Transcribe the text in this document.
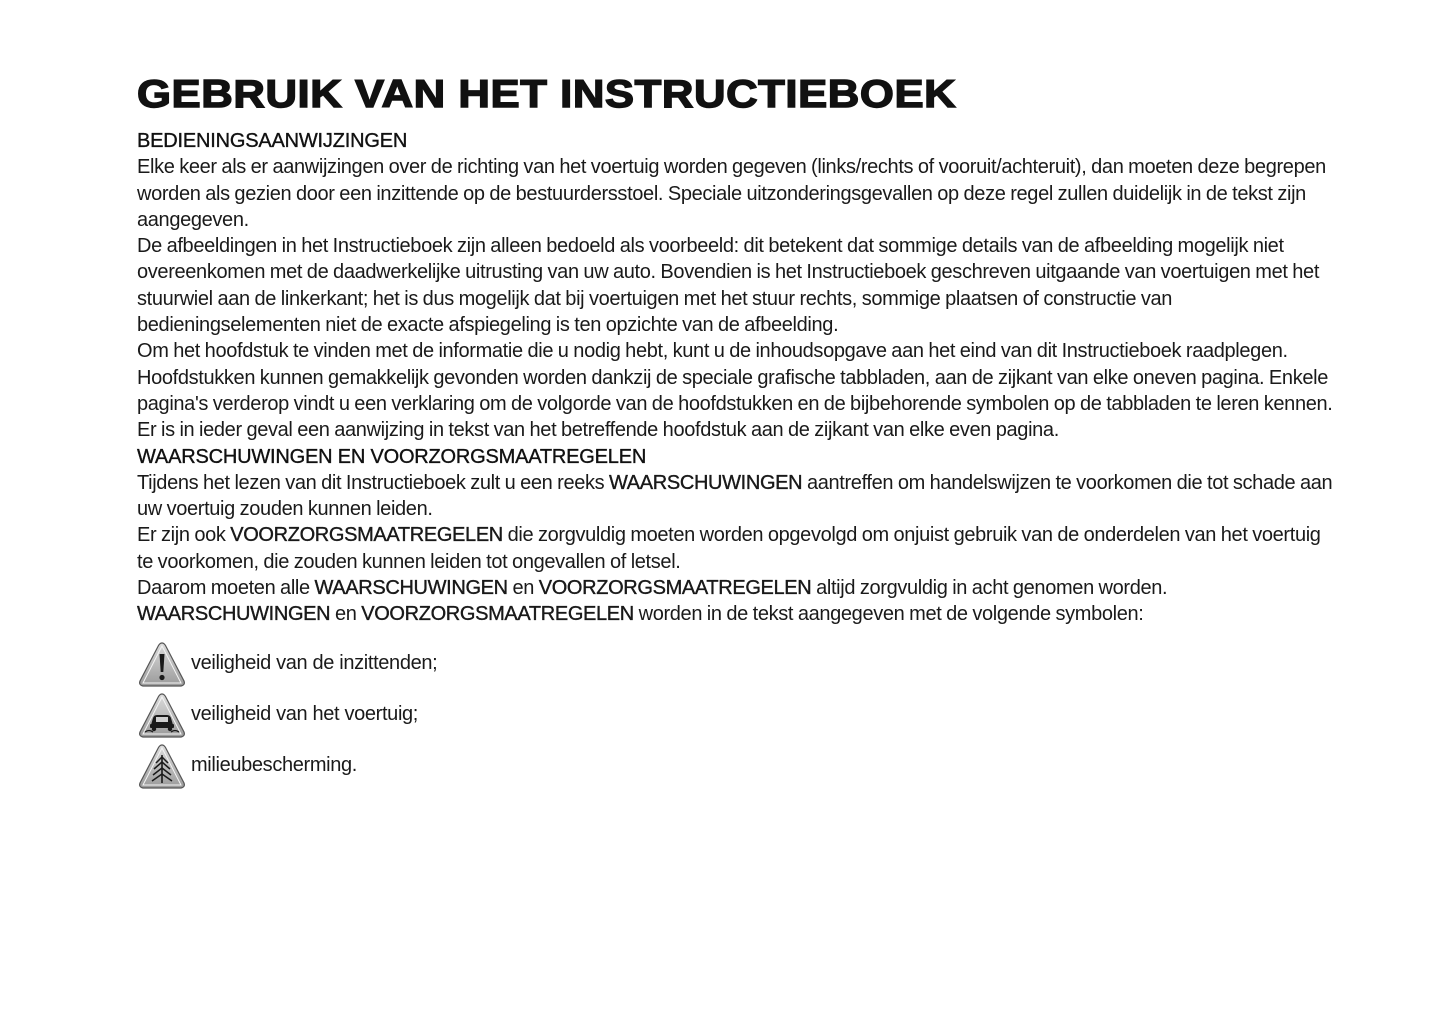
GEBRUIK VAN HET INSTRUCTIEBOEK
BEDIENINGSAANWIJZINGEN

Elke keer als er aanwijzingen over de richting van het voertuig worden gegeven (links/rechts of vooruit/achteruit), dan moeten deze begrepen worden als gezien door een inzittende op de bestuurdersstoel. Speciale uitzonderingsgevallen op deze regel zullen duidelijk in de tekst zijn aangegeven.

De afbeeldingen in het Instructieboek zijn alleen bedoeld als voorbeeld: dit betekent dat sommige details van de afbeelding mogelijk niet overeenkomen met de daadwerkelijke uitrusting van uw auto. Bovendien is het Instructieboek geschreven uitgaande van voertuigen met het stuurwiel aan de linkerkant; het is dus mogelijk dat bij voertuigen met het stuur rechts, sommige plaatsen of constructie van bedieningselementen niet de exacte afspiegeling is ten opzichte van de afbeelding.

Om het hoofdstuk te vinden met de informatie die u nodig hebt, kunt u de inhoudsopgave aan het eind van dit Instructieboek raadplegen.

Hoofdstukken kunnen gemakkelijk gevonden worden dankzij de speciale grafische tabbladen, aan de zijkant van elke oneven pagina. Enkele pagina's verderop vindt u een verklaring om de volgorde van de hoofdstukken en de bijbehorende symbolen op de tabbladen te leren kennen. Er is in ieder geval een aanwijzing in tekst van het betreffende hoofdstuk aan de zijkant van elke even pagina.

WAARSCHUWINGEN EN VOORZORGSMAATREGELEN

Tijdens het lezen van dit Instructieboek zult u een reeks WAARSCHUWINGEN aantreffen om handelswijzen te voorkomen die tot schade aan uw voertuig zouden kunnen leiden.

Er zijn ook VOORZORGSMAATREGELEN die zorgvuldig moeten worden opgevolgd om onjuist gebruik van de onderdelen van het voertuig te voorkomen, die zouden kunnen leiden tot ongevallen of letsel.

Daarom moeten alle WAARSCHUWINGEN en VOORZORGSMAATREGELEN altijd zorgvuldig in acht genomen worden.

WAARSCHUWINGEN en VOORZORGSMAATREGELEN worden in de tekst aangegeven met de volgende symbolen:

veiligheid van de inzittenden;
veiligheid van het voertuig;
milieubescherming.
